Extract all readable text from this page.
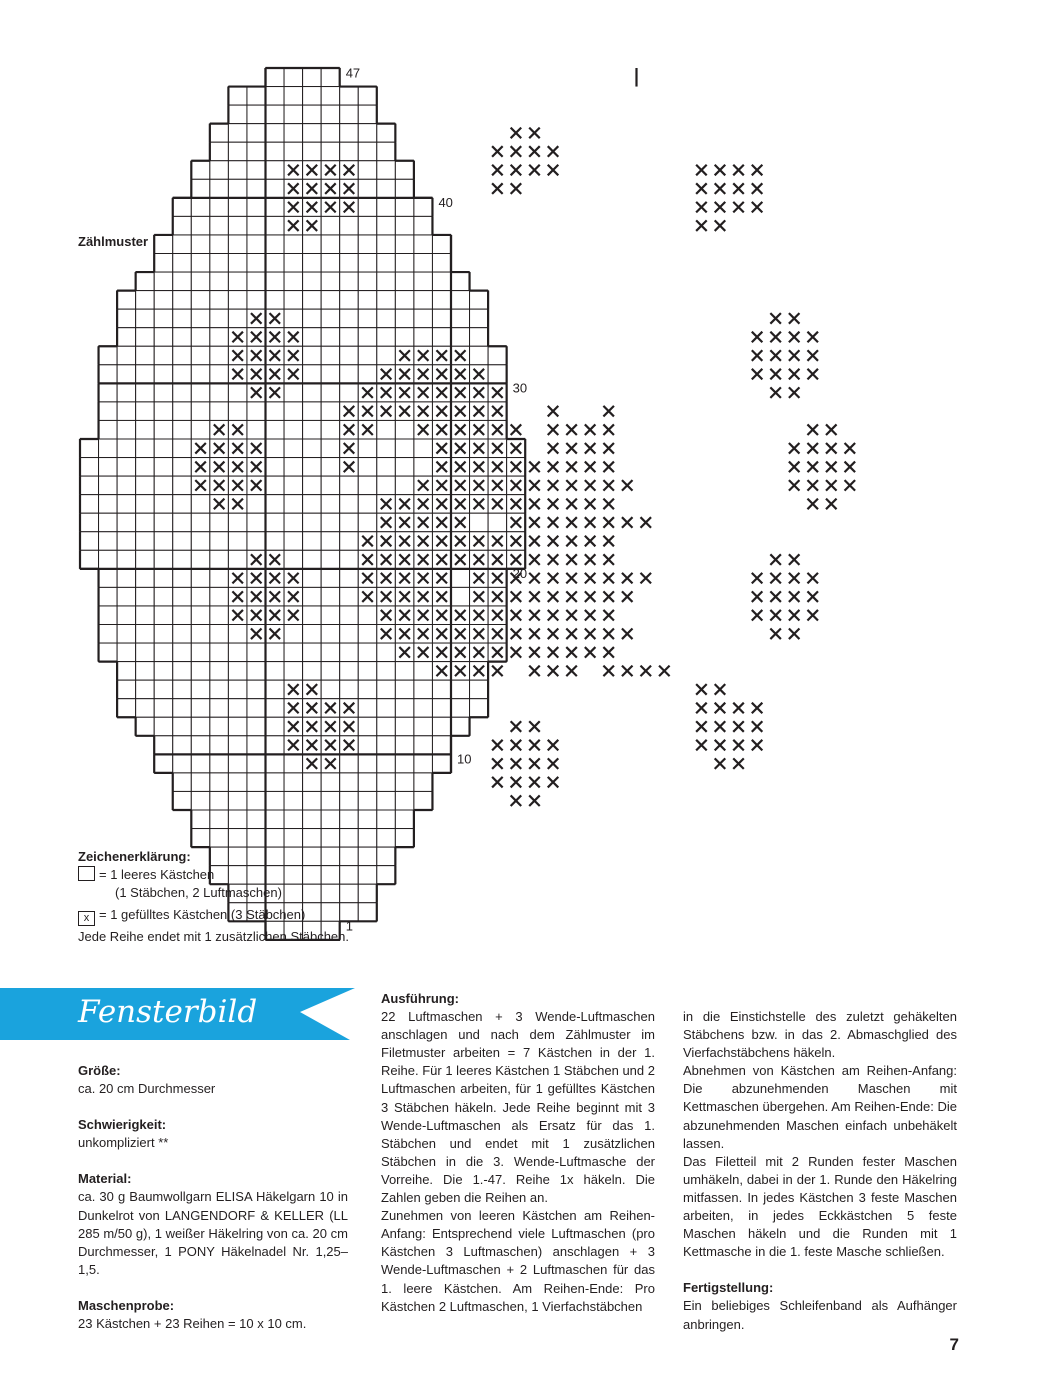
47
40
30
20
10
1
Zählmuster
Zeichenerklärung:
= 1 leeres Kästchen
(1 Stäbchen, 2 Luftmaschen)
x = 1 gefülltes Kästchen (3 Stäbchen)
Jede Reihe endet mit 1 zusätzlichen Stäbchen.
Fensterbild
Größe:

ca. 20 cm Durchmesser

Schwierigkeit:

unkompliziert **

Material:

ca. 30 g Baumwollgarn ELISA Häkelgarn 10 in Dunkelrot von LANGENDORF & KELLER (LL 285 m/50 g), 1 weißer Häkelring von ca. 20 cm Durchmesser, 1 PONY Häkelnadel Nr. 1,25–1,5.

Maschenprobe:

23 Kästchen + 23 Reihen = 10 x 10 cm.

Ausführung:

22 Luftmaschen + 3 Wende-Luftmaschen anschlagen und nach dem Zählmuster im Filetmuster arbeiten = 7 Kästchen in der 1. Reihe. Für 1 leeres Kästchen 1 Stäbchen und 2 Luftmaschen arbeiten, für 1 gefülltes Kästchen 3 Stäbchen häkeln. Jede Reihe beginnt mit 3 Wende-Luftmaschen als Ersatz für das 1. Stäbchen und endet mit 1 zusätzlichen Stäbchen in die 3. Wende-Luftmasche der Vorreihe. Die 1.-47. Reihe 1x häkeln. Die Zahlen geben die Reihen an.

Zunehmen von leeren Kästchen am Reihen-Anfang: Entsprechend viele Luftmaschen (pro Kästchen 3 Luftmaschen) anschlagen + 3 Wende-Luftmaschen + 2 Luftmaschen für das 1. leere Kästchen. Am Reihen-Ende: Pro Kästchen 2 Luftmaschen, 1 Vierfachstäbchen

in die Einstichstelle des zuletzt gehäkelten Stäbchens bzw. in das 2. Abmaschglied des Vierfachstäbchens häkeln.

Abnehmen von Kästchen am Reihen-Anfang: Die abzunehmenden Maschen mit Kettmaschen übergehen. Am Reihen-Ende: Die abzunehmenden Maschen einfach unbehäkelt lassen.

Das Filetteil mit 2 Runden fester Maschen umhäkeln, dabei in der 1. Runde den Häkelring mitfassen. In jedes Kästchen 3 feste Maschen arbeiten, in jedes Eckkästchen 5 feste Maschen häkeln und die Runden mit 1 Kettmasche in die 1. feste Masche schließen.

Fertigstellung:

Ein beliebiges Schleifenband als Aufhänger anbringen.

7
